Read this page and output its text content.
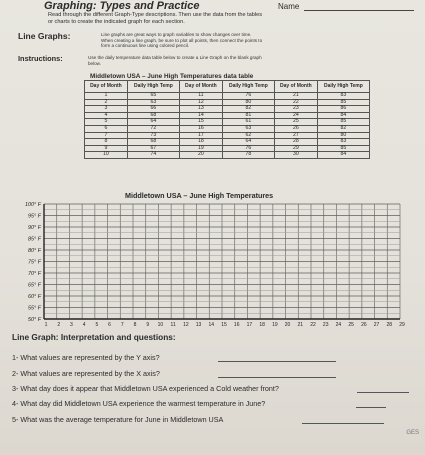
Graphing: Types and Practice	Name
Read through the different Graph-Type descriptions. Then use the data from the tables
or charts to create the indicated graph for each section.
Line Graphs:	Line graphs are great ways to graph variables to show changes over time.
When creating a line graph, be sure to plot all points, then connect the points to
form a continuous line using colored pencil.
Instructions:	Use the daily temperature data table below to create a Line Graph on the blank graph
below.
Middletown USA – June High Temperatures data table
Day of Month	Daily High Temp	Day of Month	Daily High Temp	Day of Month	Daily High Temp
1	65	11	76	21	83
2	63	12	80	22	85
3	66	13	82	23	86
4	68	14	81	24	84
5	64	15	61	25	85
6	72	16	63	26	82
7	73	17	62	27	80
8	68	18	64	28	83
9	67	19	76	29	85
10	74	20	78	30	84
Middletown USA – June High Temperatures
100° F
95° F
90° F
85° F
80° F
75° F
70° F
65° F
60° F
55° F
50° F
1 2 3 4 5 6 7 8 9 10 11 12 13 14 15 16 17 18 19 20 21 22 23 24 25 26 27 28 29
Line Graph: Interpretation and questions:
1- What values are represented by the Y axis?
2- What values are represented by the X axis?
3- What day does it appear that Middletown USA experienced a Cold weather front?
4- What day did Middletown USA experience the warmest temperature in June?
5- What was the average temperature for June in Middletown USA
GES
